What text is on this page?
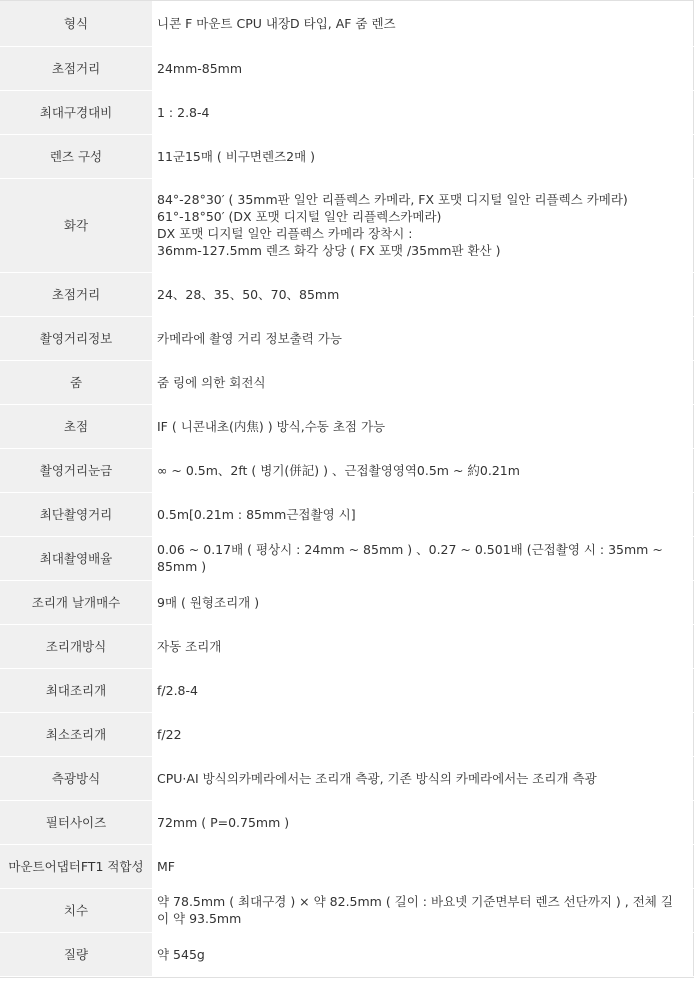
형식	니콘 F 마운트 CPU 내장D 타입, AF 줌 렌즈

초점거리	24mm-85mm

최대구경대비	1 : 2.8-4

렌즈 구성	11군15매 ( 비구면렌즈2매 )

화각	84°-28°30′ ( 35mm판 일안 리플렉스 카메라, FX 포맷 디지털 일안 리플렉스 카메라)
61°-18°50′ (DX 포맷 디지털 일안 리플렉스카메라)
DX 포맷 디지털 일안 리플렉스 카메라 장착시 :
36mm-127.5mm 렌즈 화각 상당 ( FX 포맷 /35mm판 환산 )

초점거리	24、28、35、50、70、85mm

촬영거리정보	카메라에 촬영 거리 정보출력 가능

줌	줌 링에 의한 회전식

초점	IF ( 니콘내초(内焦) ) 방식,수동 초점 가능

촬영거리눈금	∞ ~ 0.5m、2ft ( 병기(併記) ) 、근접촬영영역0.5m ~ 約0.21m

최단촬영거리	0.5m[0.21m : 85mm근접촬영 시]

최대촬영배율	0.06 ~ 0.17배 ( 평상시 : 24mm ~ 85mm ) 、0.27 ~ 0.501배 (근접촬영 시 : 35mm ~ 85mm )

조리개 날개매수	9매 ( 원형조리개 )

조리개방식	자동 조리개

최대조리개	f/2.8-4

최소조리개	f/22

측광방식	CPU·AI 방식의카메라에서는 조리개 측광, 기존 방식의 카메라에서는 조리개 측광

필터사이즈	72mm ( P=0.75mm )

마운트어댑터FT1 적합성	MF

치수	약 78.5mm ( 최대구경 ) × 약 82.5mm ( 길이 : 바요넷 기준면부터 렌즈 선단까지 ) , 전체 길이 약 93.5mm

질량	약 545g
